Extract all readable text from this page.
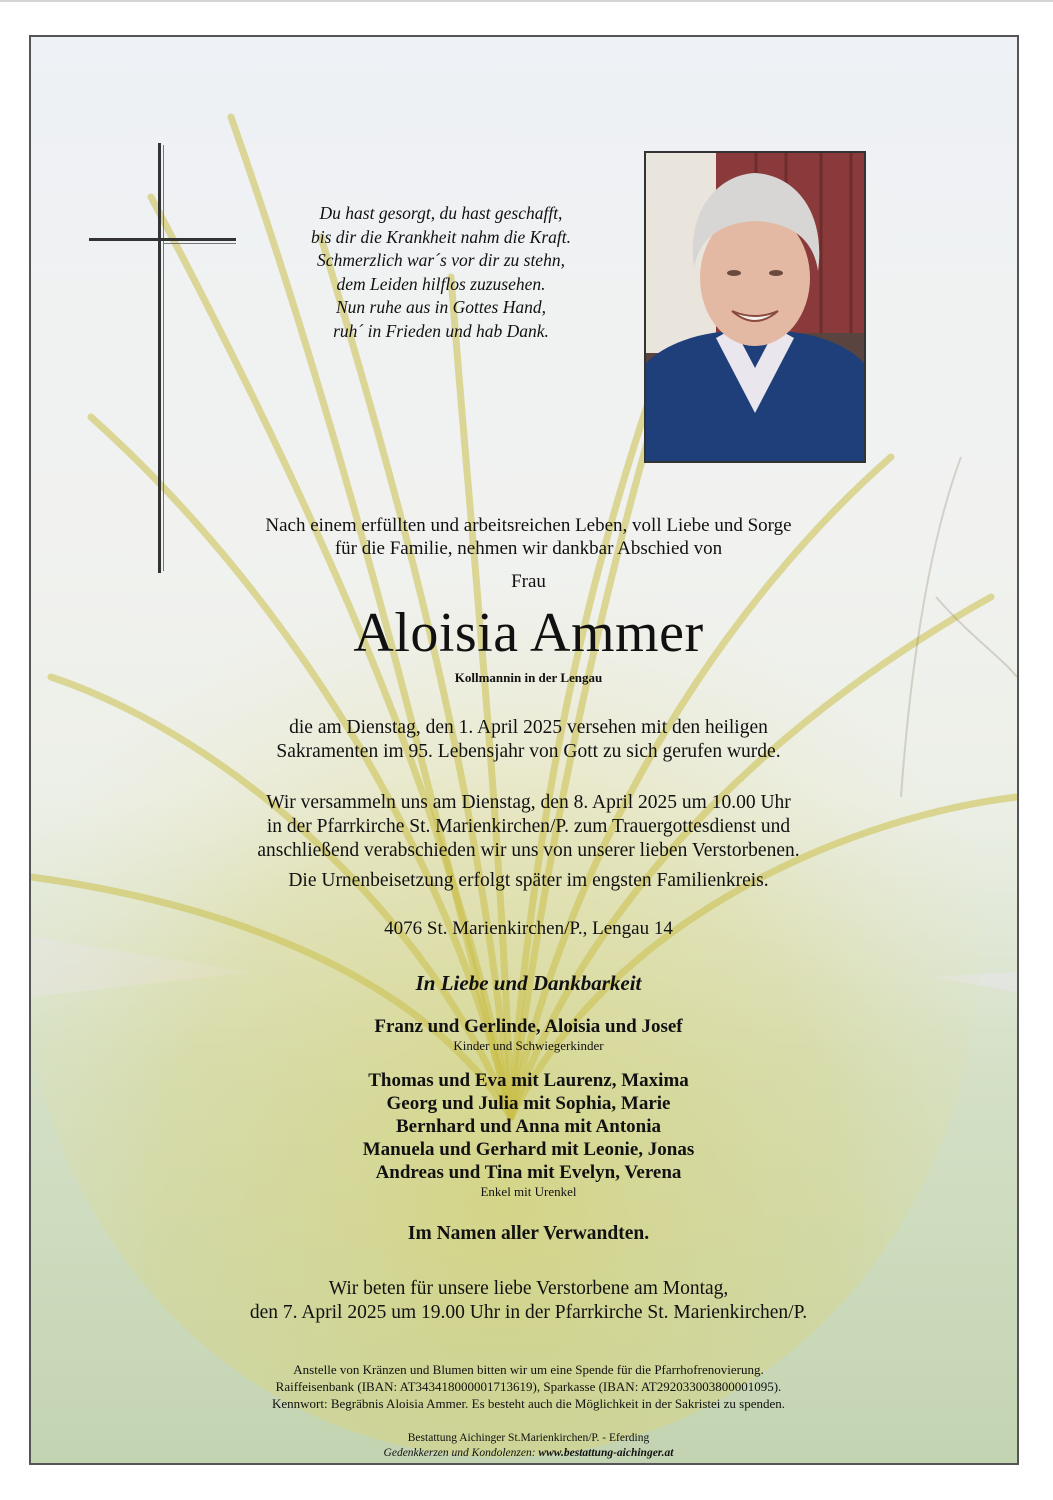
Du hast gesorgt, du hast geschafft,
bis dir die Krankheit nahm die Kraft.
Schmerzlich war´s vor dir zu stehn,
dem Leiden hilflos zuzusehen.
Nun ruhe aus in Gottes Hand,
ruh´ in Frieden und hab Dank.
Nach einem erfüllten und arbeitsreichen Leben, voll Liebe und Sorge
für die Familie, nehmen wir dankbar Abschied von
Frau
Aloisia Ammer
Kollmannin in der Lengau
die am Dienstag, den 1. April 2025 versehen mit den heiligen
Sakramenten im 95. Lebensjahr von Gott zu sich gerufen wurde.
Wir versammeln uns am Dienstag, den 8. April 2025 um 10.00 Uhr
in der Pfarrkirche St. Marienkirchen/P. zum Trauergottesdienst und
anschließend verabschieden wir uns von unserer lieben Verstorbenen.
Die Urnenbeisetzung erfolgt später im engsten Familienkreis.
4076 St. Marienkirchen/P., Lengau 14
In Liebe und Dankbarkeit
Franz und Gerlinde, Aloisia und Josef
Kinder und Schwiegerkinder
Thomas und Eva mit Laurenz, Maxima
Georg und Julia mit Sophia, Marie
Bernhard und Anna mit Antonia
Manuela und Gerhard mit Leonie, Jonas
Andreas und Tina mit Evelyn, Verena
Enkel mit Urenkel
Im Namen aller Verwandten.
Wir beten für unsere liebe Verstorbene am Montag,
den 7. April 2025 um 19.00 Uhr in der Pfarrkirche St. Marienkirchen/P.
Anstelle von Kränzen und Blumen bitten wir um eine Spende für die Pfarrhofrenovierung.
Raiffeisenbank (IBAN: AT343418000001713619), Sparkasse (IBAN: AT292033003800001095).
Kennwort: Begräbnis Aloisia Ammer. Es besteht auch die Möglichkeit in der Sakristei zu spenden.
Bestattung Aichinger St.Marienkirchen/P. - Eferding
Gedenkkerzen und Kondolenzen: www.bestattung-aichinger.at
